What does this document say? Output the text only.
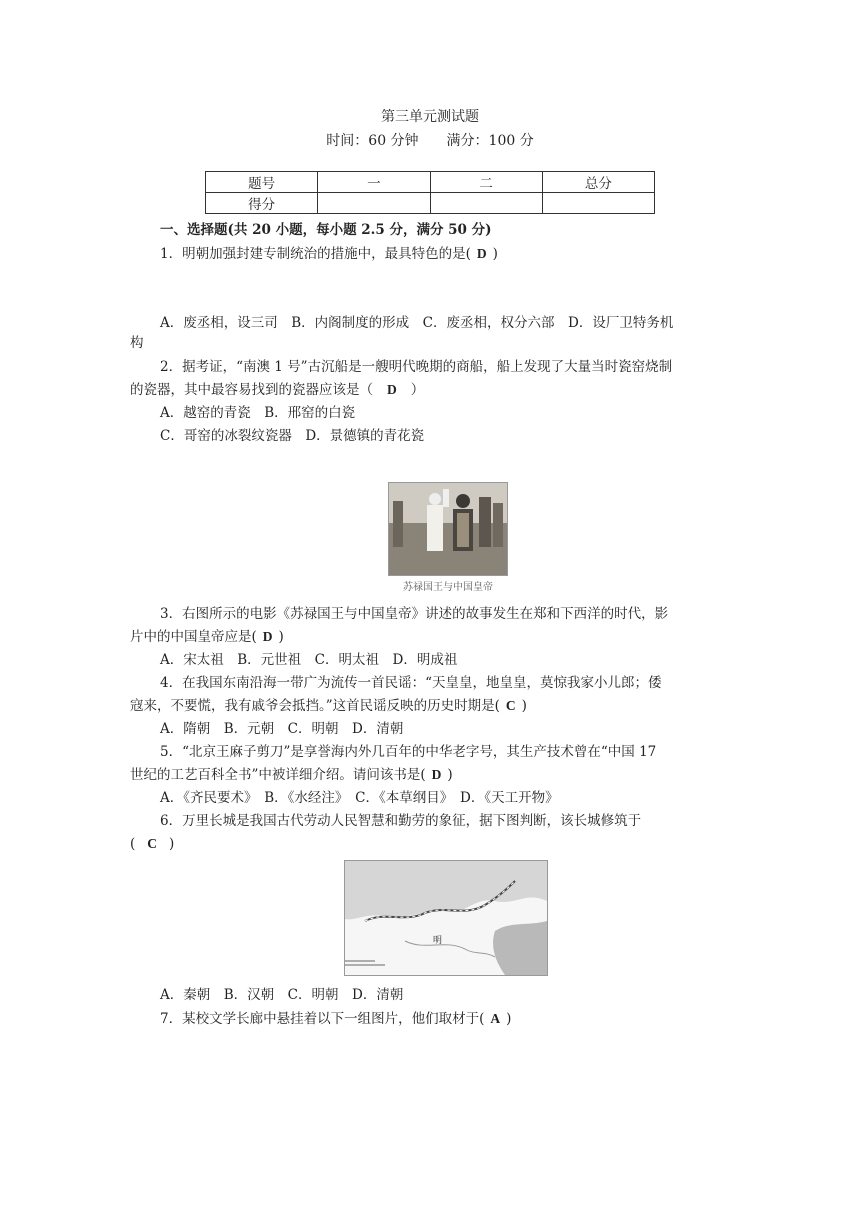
第三单元测试题
时间：60 分钟　　满分：100 分
题号	一	二	总分
得分			
一、选择题(共 20 小题，每小题 2.5 分，满分 50 分)
1．明朝加强封建专制统治的措施中，最具特色的是( D )
A．废丞相，设三司　B．内阁制度的形成　C．废丞相，权分六部　D．设厂卫特务机
构
2．据考证，“南澳 1 号”古沉船是一艘明代晚期的商船，船上发现了大量当时瓷窑烧制
的瓷器，其中最容易找到的瓷器应该是（ D ）
A．越窑的青瓷　B．邢窑的白瓷
C．哥窑的冰裂纹瓷器　D．景德镇的青花瓷
苏禄国王与中国皇帝
3．右图所示的电影《苏禄国王与中国皇帝》讲述的故事发生在郑和下西洋的时代，影
片中的中国皇帝应是( D )
A．宋太祖　B．元世祖　C．明太祖　D．明成祖
4．在我国东南沿海一带广为流传一首民谣：“天皇皇，地皇皇，莫惊我家小儿郎；倭
寇来，不要慌，我有戚爷会抵挡。”这首民谣反映的历史时期是( C )
A．隋朝　B．元朝　C．明朝　D．清朝
5．“北京王麻子剪刀”是享誉海内外几百年的中华老字号，其生产技术曾在“中国 17
世纪的工艺百科全书”中被详细介绍。请问该书是( D )
A．《齐民要术》　B．《水经注》　C．《本草纲目》　D．《天工开物》
6．万里长城是我国古代劳动人民智慧和勤劳的象征，据下图判断，该长城修筑于
( C )
明
A．秦朝　B．汉朝　C．明朝　D．清朝
7．某校文学长廊中悬挂着以下一组图片，他们取材于( A )
